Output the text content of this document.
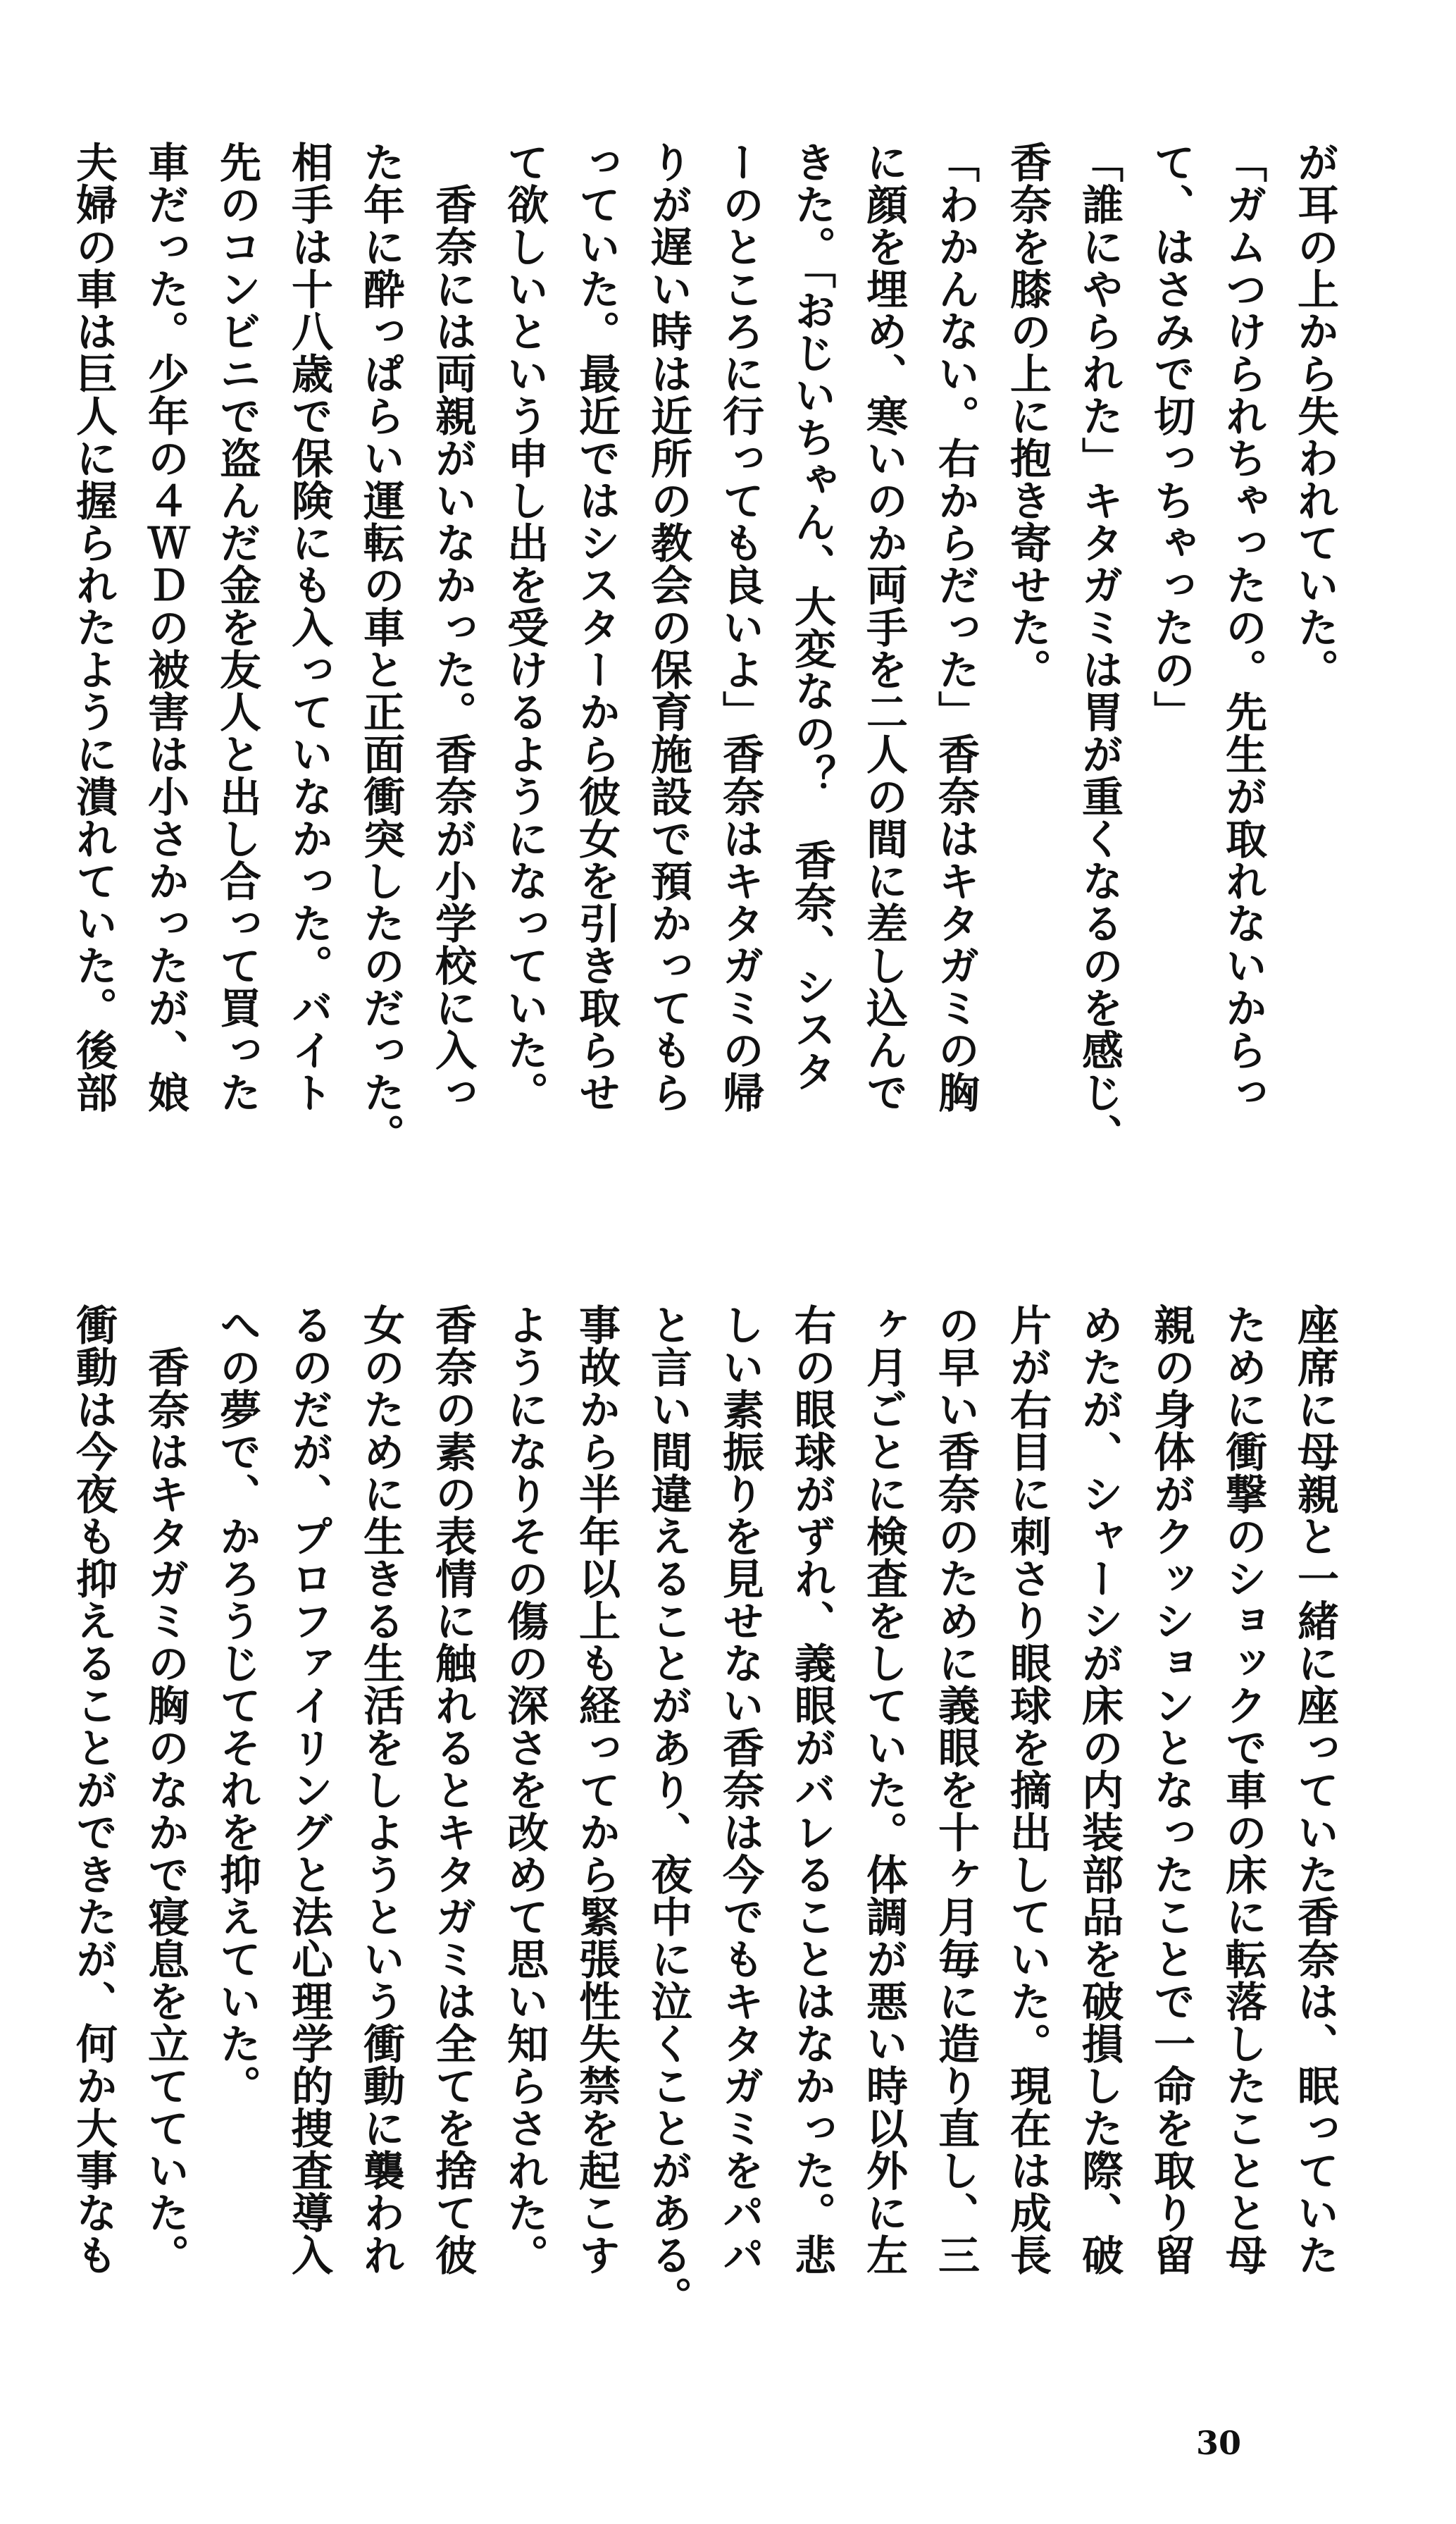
が耳の上から失われていた。
「ガムつけられちゃったの。先生が取れないからっ
て、はさみで切っちゃったの」
「誰にやられた」キタガミは胃が重くなるのを感じ、
香奈を膝の上に抱き寄せた。
「わかんない。右からだった」香奈はキタガミの胸
に顔を埋め、寒いのか両手を二人の間に差し込んで
きた。「おじいちゃん、大変なの？　香奈、シスタ
ーのところに行っても良いよ」香奈はキタガミの帰
りが遅い時は近所の教会の保育施設で預かってもら
っていた。最近ではシスターから彼女を引き取らせ
て欲しいという申し出を受けるようになっていた。
　香奈には両親がいなかった。香奈が小学校に入っ
た年に酔っぱらい運転の車と正面衝突したのだった。
相手は十八歳で保険にも入っていなかった。バイト
先のコンビニで盗んだ金を友人と出し合って買った
車だった。少年の４ＷＤの被害は小さかったが、娘
夫婦の車は巨人に握られたように潰れていた。後部
座席に母親と一緒に座っていた香奈は、眠っていた
ために衝撃のショックで車の床に転落したことと母
親の身体がクッションとなったことで一命を取り留
めたが、シャーシが床の内装部品を破損した際、破
片が右目に刺さり眼球を摘出していた。現在は成長
の早い香奈のために義眼を十ヶ月毎に造り直し、三
ヶ月ごとに検査をしていた。体調が悪い時以外に左
右の眼球がずれ、義眼がバレることはなかった。悲
しい素振りを見せない香奈は今でもキタガミをパパ
と言い間違えることがあり、夜中に泣くことがある。
事故から半年以上も経ってから緊張性失禁を起こす
ようになりその傷の深さを改めて思い知らされた。
香奈の素の表情に触れるとキタガミは全てを捨て彼
女のために生きる生活をしようという衝動に襲われ
るのだが、プロファイリングと法心理学的捜査導入
への夢で、かろうじてそれを抑えていた。
　香奈はキタガミの胸のなかで寝息を立てていた。
衝動は今夜も抑えることができたが、何か大事なも
30
